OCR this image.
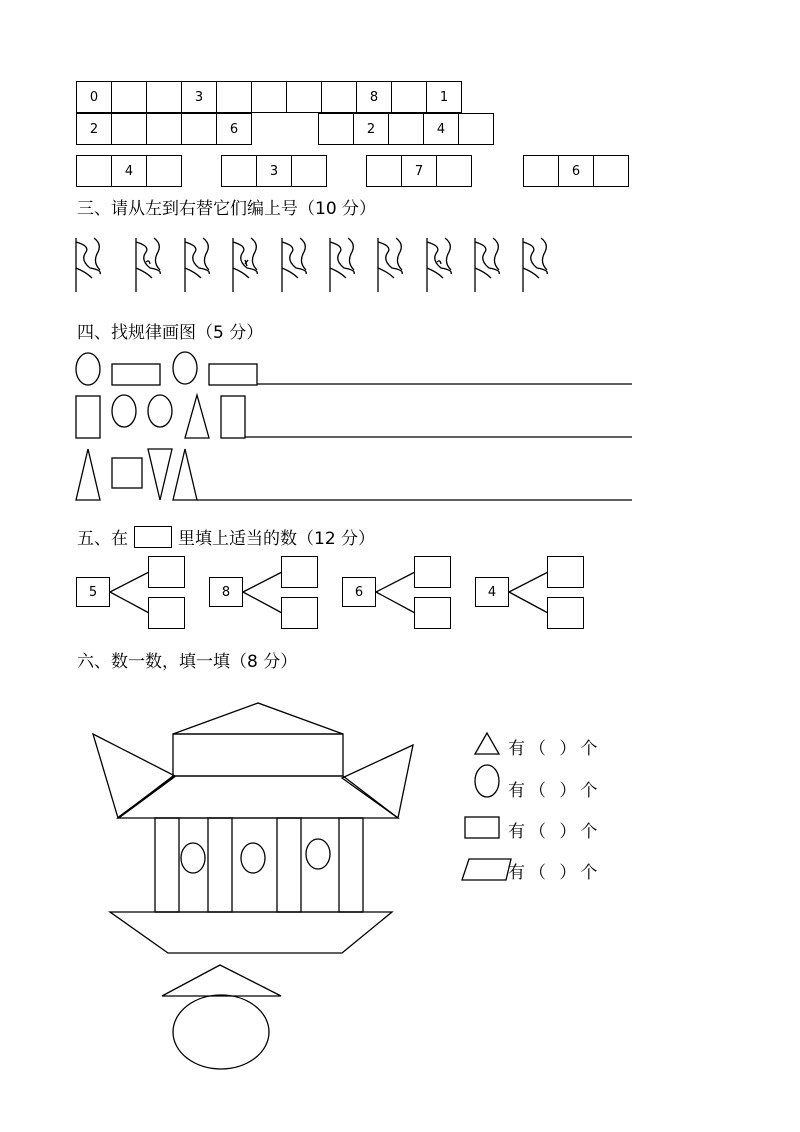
0	3	8	1
2	6	2	4
4	3	7	6
三、请从左到右替它们编上号（10 分）
四、找规律画图（5 分）
五、在	里填上适当的数（12 分）
5	8	6	4
六、数一数，填一填（8 分）
有（ ）个
有（ ）个
有（ ）个
有（ ）个
